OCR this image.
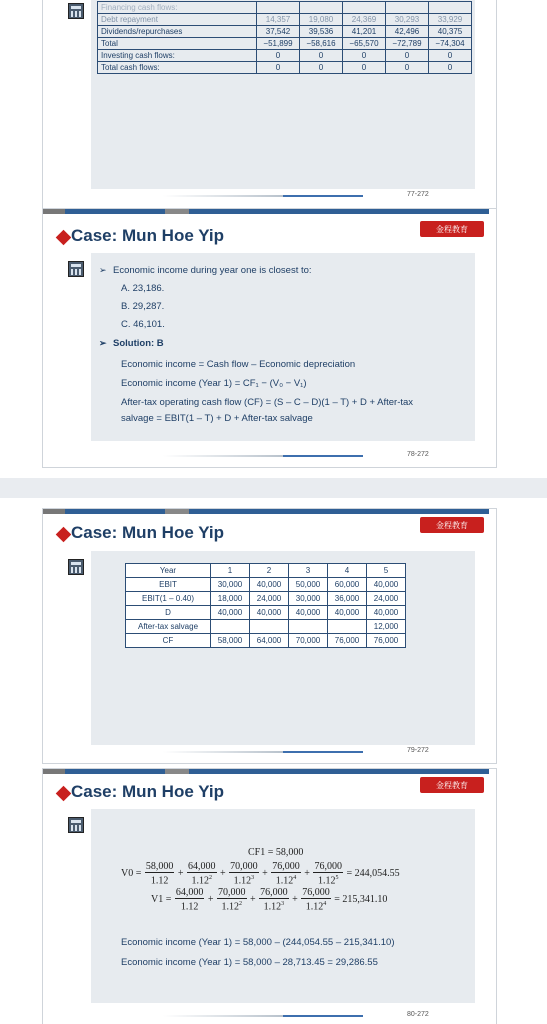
Financing cash flows:					
Debt repayment	14,357	19,080	24,369	30,293	33,929
Dividends/repurchases	37,542	39,536	41,201	42,496	40,375
Total	−51,899	−58,616	−65,570	−72,789	−74,304
Investing cash flows:	0	0	0	0	0
Total cash flows:	0	0	0	0	0
77-272
Case: Mun Hoe Yip	金程教育
➢ Economic income during year one is closest to:
A. 23,186.
B. 29,287.
C. 46,101.
➢ Solution: B
Economic income = Cash flow – Economic depreciation
Economic income (Year 1) = CF₁ − (V₀ − V₁)
After-tax operating cash flow (CF) = (S – C – D)(1 – T) + D + After-tax
salvage = EBIT(1 – T) + D + After-tax salvage
78-272
Case: Mun Hoe Yip	金程教育
Year	1	2	3	4	5
EBIT	30,000	40,000	50,000	60,000	40,000
EBIT(1 – 0.40)	18,000	24,000	30,000	36,000	24,000
D	40,000	40,000	40,000	40,000	40,000
After-tax salvage					12,000
CF	58,000	64,000	70,000	76,000	76,000
79-272
Case: Mun Hoe Yip	金程教育
CF1 = 58,000
$V0 = \frac{58,000}{1.12} + \frac{64,000}{1.12^2} + \frac{70,000}{1.12^3} + \frac{76,000}{1.12^4} + \frac{76,000}{1.12^5} = 244,054.55$
$V1 = \frac{64,000}{1.12} + \frac{70,000}{1.12^2} + \frac{76,000}{1.12^3} + \frac{76,000}{1.12^4} = 215,341.10$
Economic income (Year 1) = 58,000 – (244,054.55 – 215,341.10)
Economic income (Year 1) = 58,000 – 28,713.45 = 29,286.55
80-272
